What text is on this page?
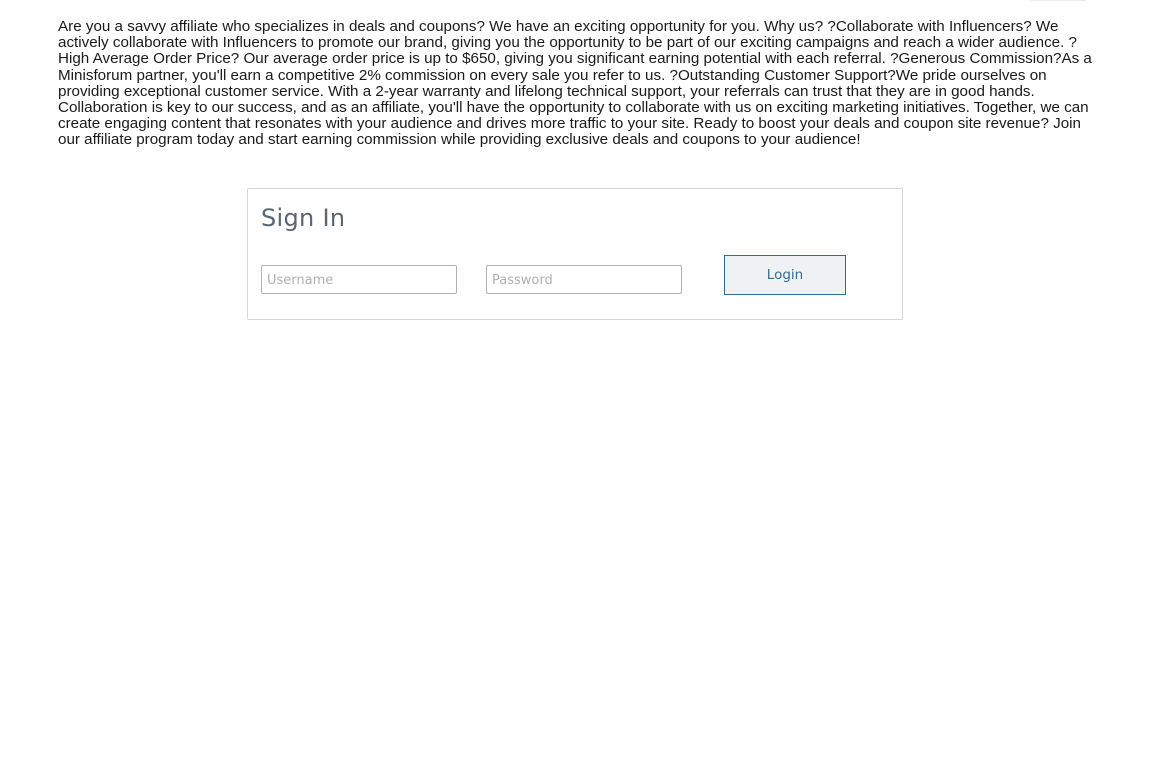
Are you a savvy affiliate who specializes in deals and coupons? We have an exciting opportunity for you. Why us? ?Collaborate with Influencers? We actively collaborate with Influencers to promote our brand, giving you the opportunity to be part of our exciting campaigns and reach a wider audience. ?High Average Order Price? Our average order price is up to $650, giving you significant earning potential with each referral. ?Generous Commission?As a Minisforum partner, you'll earn a competitive 2% commission on every sale you refer to us. ?Outstanding Customer Support?We pride ourselves on providing exceptional customer service. With a 2-year warranty and lifelong technical support, your referrals can trust that they are in good hands. Collaboration is key to our success, and as an affiliate, you'll have the opportunity to collaborate with us on exciting marketing initiatives. Together, we can create engaging content that resonates with your audience and drives more traffic to your site. Ready to boost your deals and coupon site revenue? Join our affiliate program today and start earning commission while providing exclusive deals and coupons to your audience!

Sign In
Username
Login
